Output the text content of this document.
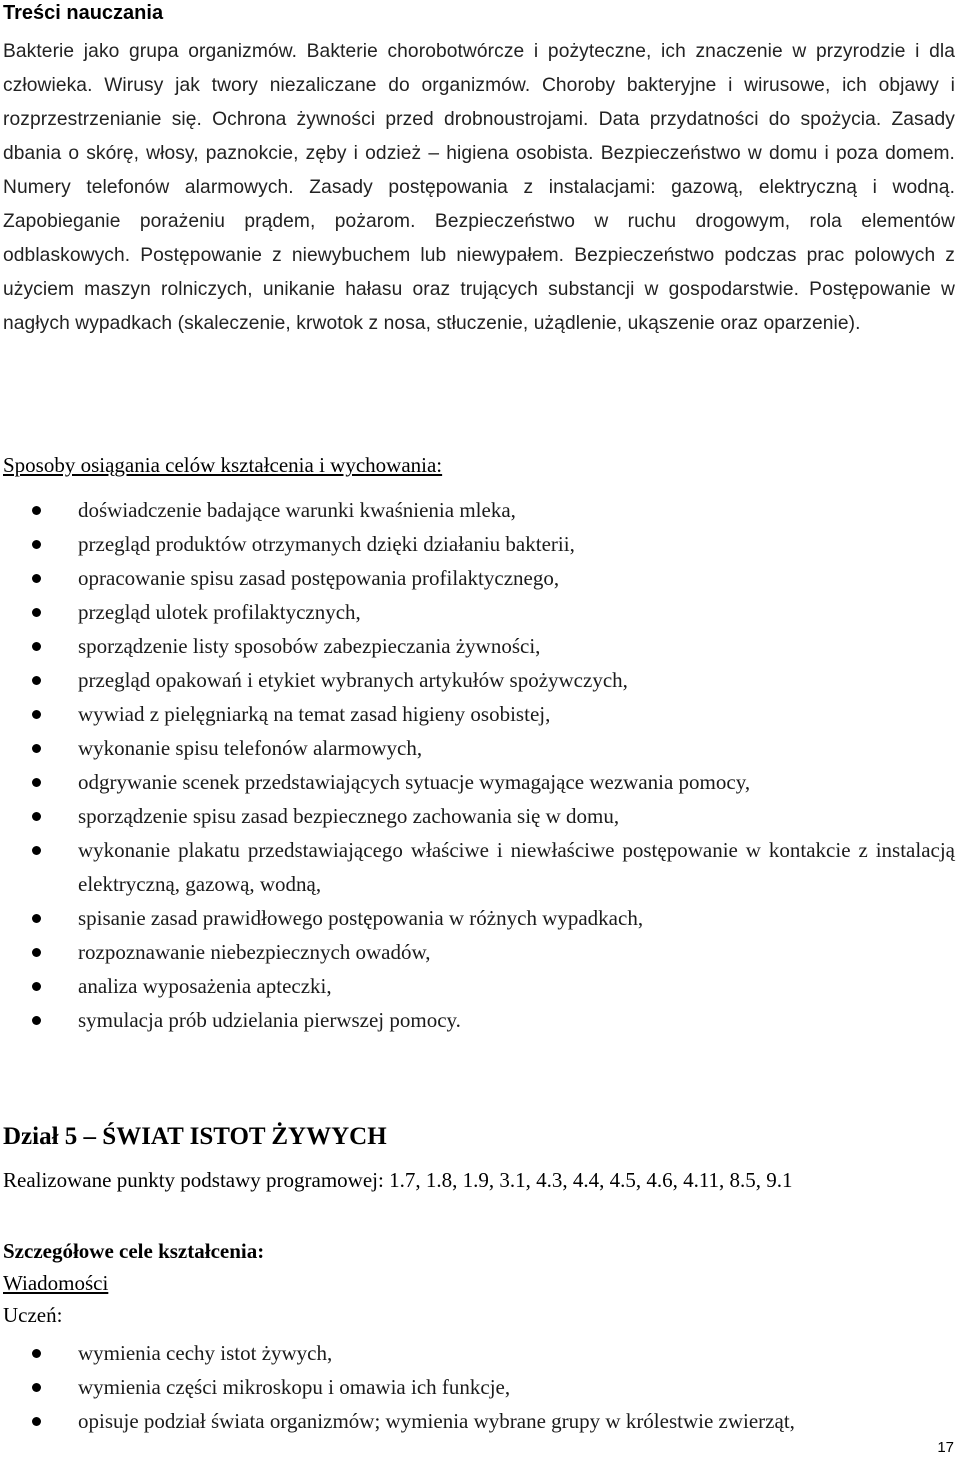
Treści nauczania
Bakterie jako grupa organizmów. Bakterie chorobotwórcze i pożyteczne, ich znaczenie w przyrodzie i dla człowieka. Wirusy jak twory niezaliczane do organizmów. Choroby bakteryjne i wirusowe, ich objawy i rozprzestrzenianie się. Ochrona żywności przed drobnoustrojami. Data przydatności do spożycia. Zasady dbania o skórę, włosy, paznokcie, zęby i odzież – higiena osobista. Bezpieczeństwo w domu i poza domem. Numery telefonów alarmowych. Zasady postępowania z instalacjami: gazową, elektryczną i wodną. Zapobieganie porażeniu prądem, pożarom. Bezpieczeństwo w ruchu drogowym, rola elementów odblaskowych. Postępowanie z niewybuchem lub niewypałem. Bezpieczeństwo podczas prac polowych z użyciem maszyn rolniczych, unikanie hałasu oraz trujących substancji w gospodarstwie. Postępowanie w nagłych wypadkach (skaleczenie, krwotok z nosa, stłuczenie, użądlenie, ukąszenie oraz oparzenie).
Sposoby osiągania celów kształcenia i wychowania:
doświadczenie badające warunki kwaśnienia mleka,
przegląd produktów otrzymanych dzięki działaniu bakterii,
opracowanie spisu zasad postępowania profilaktycznego,
przegląd ulotek profilaktycznych,
sporządzenie listy sposobów zabezpieczania żywności,
przegląd opakowań i etykiet wybranych artykułów spożywczych,
wywiad z pielęgniarką na temat zasad higieny osobistej,
wykonanie spisu telefonów alarmowych,
odgrywanie scenek przedstawiających sytuacje wymagające wezwania pomocy,
sporządzenie spisu zasad bezpiecznego zachowania się w domu,
wykonanie plakatu przedstawiającego właściwe i niewłaściwe postępowanie w kontakcie z instalacją elektryczną, gazową, wodną,
spisanie zasad prawidłowego postępowania w różnych wypadkach,
rozpoznawanie niebezpiecznych owadów,
analiza wyposażenia apteczki,
symulacja prób udzielania pierwszej pomocy.
Dział 5 – ŚWIAT ISTOT ŻYWYCH
Realizowane punkty podstawy programowej: 1.7, 1.8, 1.9, 3.1, 4.3, 4.4, 4.5, 4.6, 4.11, 8.5, 9.1
Szczegółowe cele kształcenia:
Wiadomości
Uczeń:
wymienia cechy istot żywych,
wymienia części mikroskopu i omawia ich funkcje,
opisuje podział świata organizmów; wymienia wybrane grupy w królestwie zwierząt,
17
